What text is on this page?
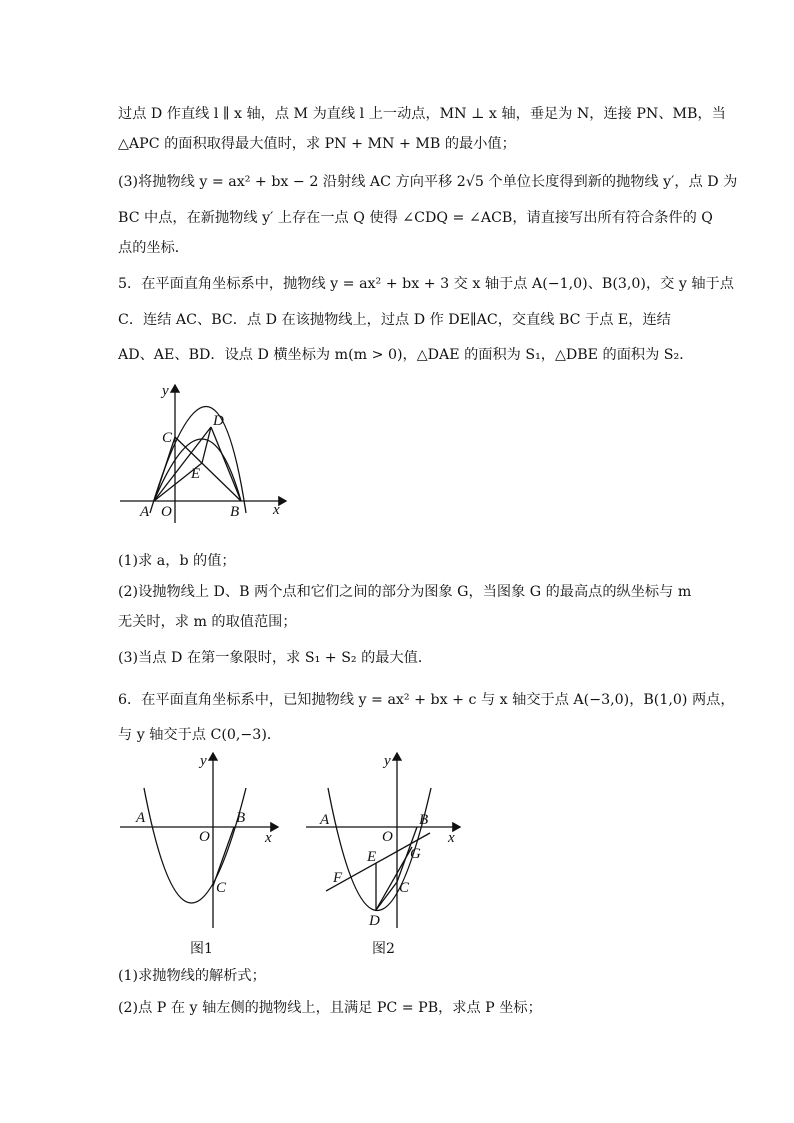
过点 D 作直线 l ∥ x 轴，点 M 为直线 l 上一动点，MN ⊥ x 轴，垂足为 N，连接 PN、MB，当
△APC 的面积取得最大值时，求 PN + MN + MB 的最小值；
(3)将抛物线 y = ax² + bx − 2 沿射线 AC 方向平移 2√5 个单位长度得到新的抛物线 y′，点 D 为
BC 中点，在新抛物线 y′ 上存在一点 Q 使得 ∠CDQ = ∠ACB，请直接写出所有符合条件的 Q
点的坐标．
5．在平面直角坐标系中，抛物线 y = ax² + bx + 3 交 x 轴于点 A(−1,0)、B(3,0)，交 y 轴于点
C．连结 AC、BC．点 D 在该抛物线上，过点 D 作 DE∥AC，交直线 BC 于点 E，连结
AD、AE、BD．设点 D 横坐标为 m(m > 0)，△DAE 的面积为 S₁，△DBE 的面积为 S₂．
y
x
O
A	B
C
D
E
(1)求 a，b 的值；
(2)设抛物线上 D、B 两个点和它们之间的部分为图象 G，当图象 G 的最高点的纵坐标与 m
无关时，求 m 的取值范围；
(3)当点 D 在第一象限时，求 S₁ + S₂ 的最大值．
6．在平面直角坐标系中，已知抛物线 y = ax² + bx + c 与 x 轴交于点 A(−3,0)，B(1,0) 两点，
与 y 轴交于点 C(0,−3)．
y
x
O
A	B
C
图1
y
x
O
A	B
C
D
E
F
G
图2
(1)求抛物线的解析式；
(2)点 P 在 y 轴左侧的抛物线上，且满足 PC = PB，求点 P 坐标；
